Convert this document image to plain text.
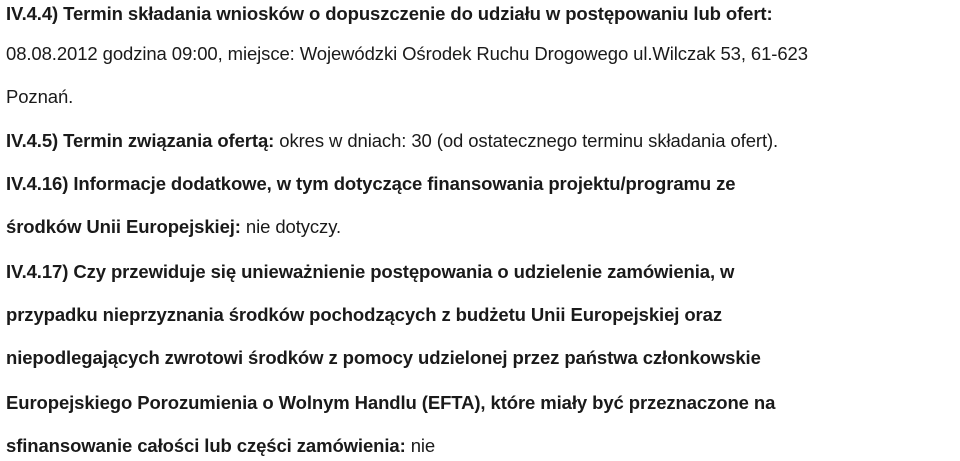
IV.4.4) Termin składania wniosków o dopuszczenie do udziału w postępowaniu lub ofert:
08.08.2012 godzina 09:00, miejsce: Wojewódzki Ośrodek Ruchu Drogowego ul.Wilczak 53, 61-623
Poznań.
IV.4.5) Termin związania ofertą: okres w dniach: 30 (od ostatecznego terminu składania ofert).
IV.4.16) Informacje dodatkowe, w tym dotyczące finansowania projektu/programu ze
środków Unii Europejskiej: nie dotyczy.
IV.4.17) Czy przewiduje się unieważnienie postępowania o udzielenie zamówienia, w
przypadku nieprzyznania środków pochodzących z budżetu Unii Europejskiej oraz
niepodlegających zwrotowi środków z pomocy udzielonej przez państwa członkowskie
Europejskiego Porozumienia o Wolnym Handlu (EFTA), które miały być przeznaczone na
sfinansowanie całości lub części zamówienia: nie
